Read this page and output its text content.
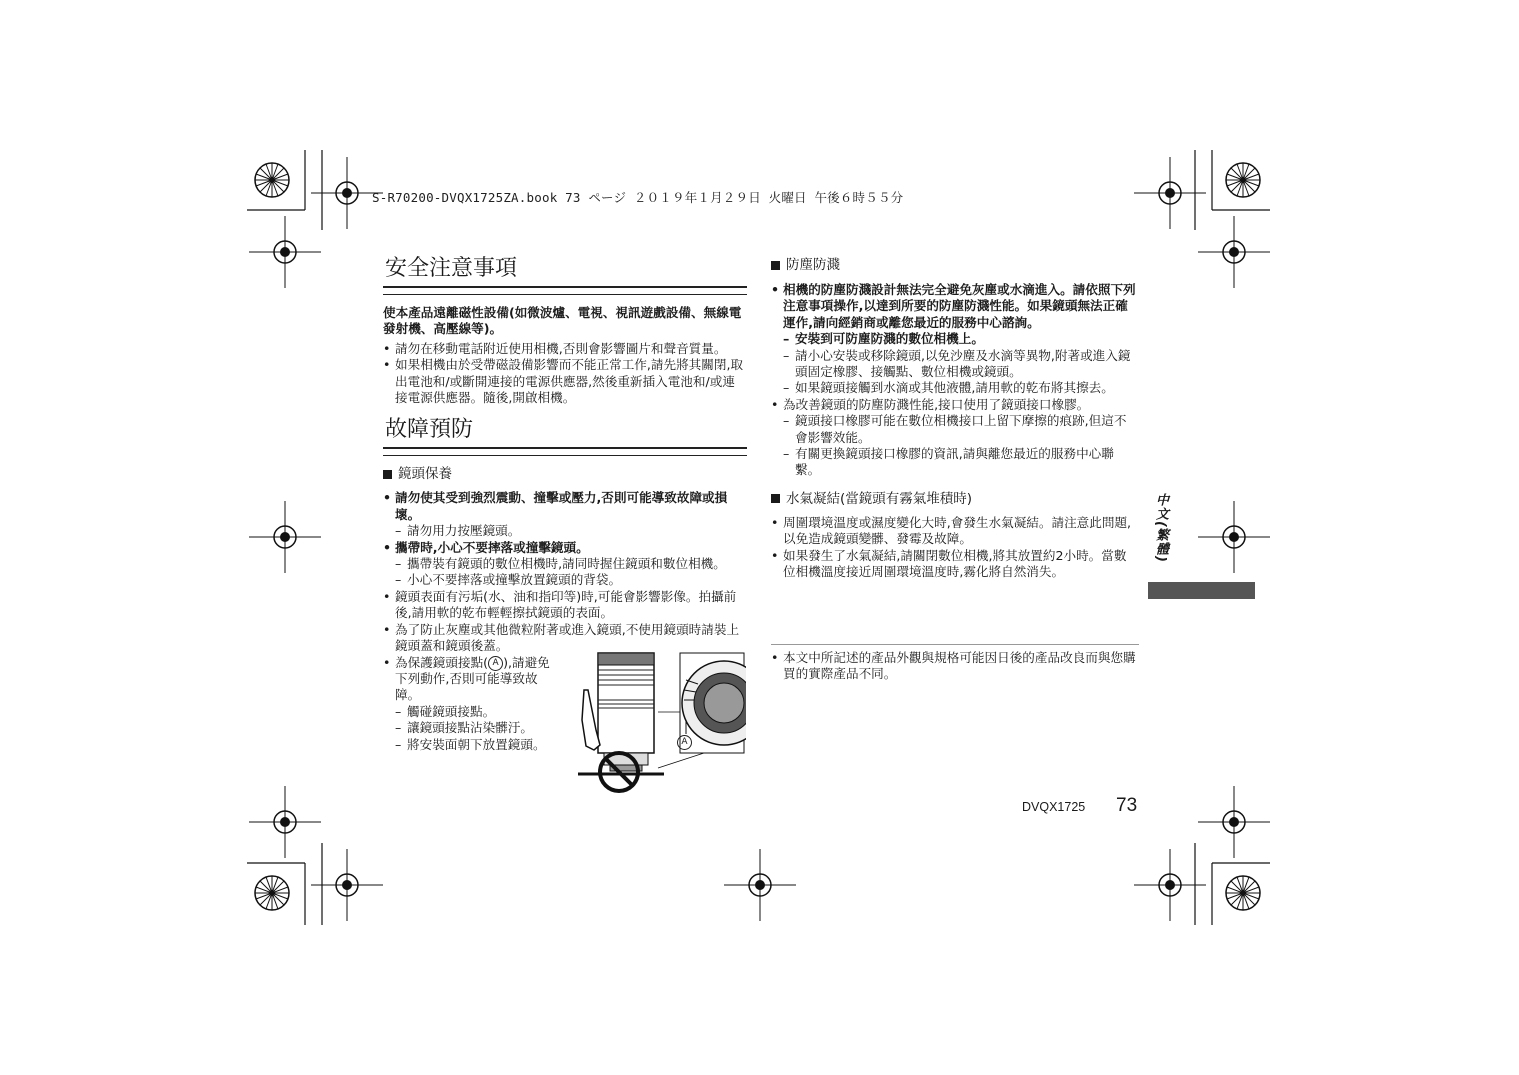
S-R70200-DVQX1725ZA.book 73 ページ ２０１９年１月２９日 火曜日 午後６時５５分
安全注意事項

使本產品遠離磁性設備(如微波爐、電視、視訊遊戲設備、無線電發射機、高壓線等)。

• 請勿在移動電話附近使用相機,否則會影響圖片和聲音質量。
• 如果相機由於受帶磁設備影響而不能正常工作,請先將其關閉,取出電池和/或斷開連接的電源供應器,然後重新插入電池和/或連接電源供應器。隨後,開啟相機。
故障預防
鏡頭保養
• 請勿使其受到強烈震動、撞擊或壓力,否則可能導致故障或損壞。
– 請勿用力按壓鏡頭。
• 攜帶時,小心不要摔落或撞擊鏡頭。
– 攜帶裝有鏡頭的數位相機時,請同時握住鏡頭和數位相機。
– 小心不要摔落或撞擊放置鏡頭的背袋。
• 鏡頭表面有污垢(水、油和指印等)時,可能會影響影像。拍攝前後,請用軟的乾布輕輕擦拭鏡頭的表面。
• 為了防止灰塵或其他微粒附著或進入鏡頭,不使用鏡頭時請裝上鏡頭蓋和鏡頭後蓋。
• 為保護鏡頭接點( A ),請避免下列動作,否則可能導致故障。
– 觸碰鏡頭接點。
– 讓鏡頭接點沾染髒汙。
– 將安裝面朝下放置鏡頭。	A
防塵防濺
• 相機的防塵防濺設計無法完全避免灰塵或水滴進入。請依照下列注意事項操作,以達到所要的防塵防濺性能。如果鏡頭無法正確運作,請向經銷商或離您最近的服務中心諮詢。
– 安裝到可防塵防濺的數位相機上。
– 請小心安裝或移除鏡頭,以免沙塵及水滴等異物,附著或進入鏡頭固定橡膠、接觸點、數位相機或鏡頭。
– 如果鏡頭接觸到水滴或其他液體,請用軟的乾布將其擦去。
• 為改善鏡頭的防塵防濺性能,接口使用了鏡頭接口橡膠。
– 鏡頭接口橡膠可能在數位相機接口上留下摩擦的痕跡,但這不會影響效能。
– 有關更換鏡頭接口橡膠的資訊,請與離您最近的服務中心聯繫。
水氣凝結(當鏡頭有霧氣堆積時)
• 周圍環境溫度或濕度變化大時,會發生水氣凝結。請注意此問題,以免造成鏡頭變髒、發霉及故障。
• 如果發生了水氣凝結,請關閉數位相機,將其放置約2小時。當數位相機溫度接近周圍環境溫度時,霧化將自然消失。
• 本文中所記述的產品外觀與規格可能因日後的產品改良而與您購買的實際產品不同。
中文(繁體)
DVQX1725 73
